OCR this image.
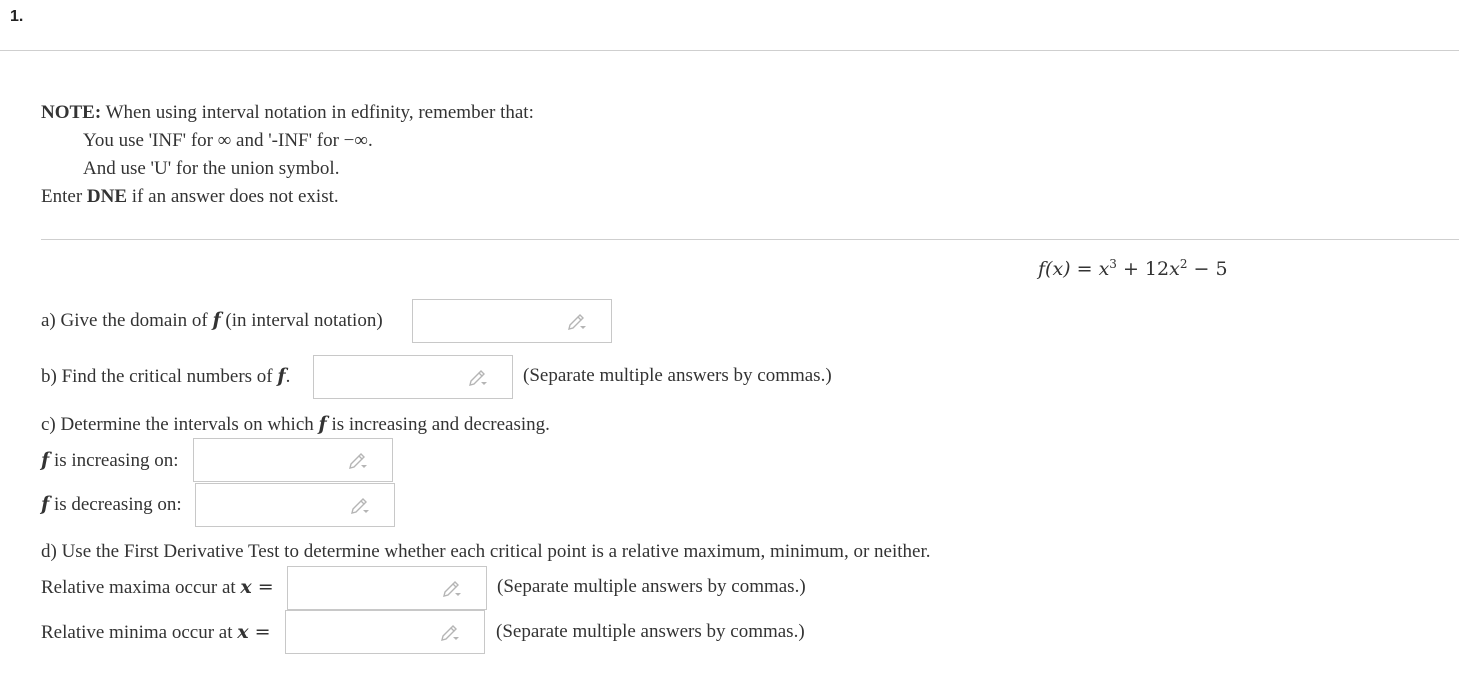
1.
NOTE: When using interval notation in edfinity, remember that:
You use 'INF' for ∞ and '-INF' for −∞.
And use 'U' for the union symbol.
Enter DNE if an answer does not exist.
$f(x) = x^3 + 12x^2 - 5$
a) Give the domain of f (in interval notation)
b) Find the critical numbers of f.	(Separate multiple answers by commas.)
c) Determine the intervals on which f is increasing and decreasing.
f is increasing on:
f is decreasing on:
d) Use the First Derivative Test to determine whether each critical point is a relative maximum, minimum, or neither.
Relative maxima occur at x =	(Separate multiple answers by commas.)
Relative minima occur at x =	(Separate multiple answers by commas.)
